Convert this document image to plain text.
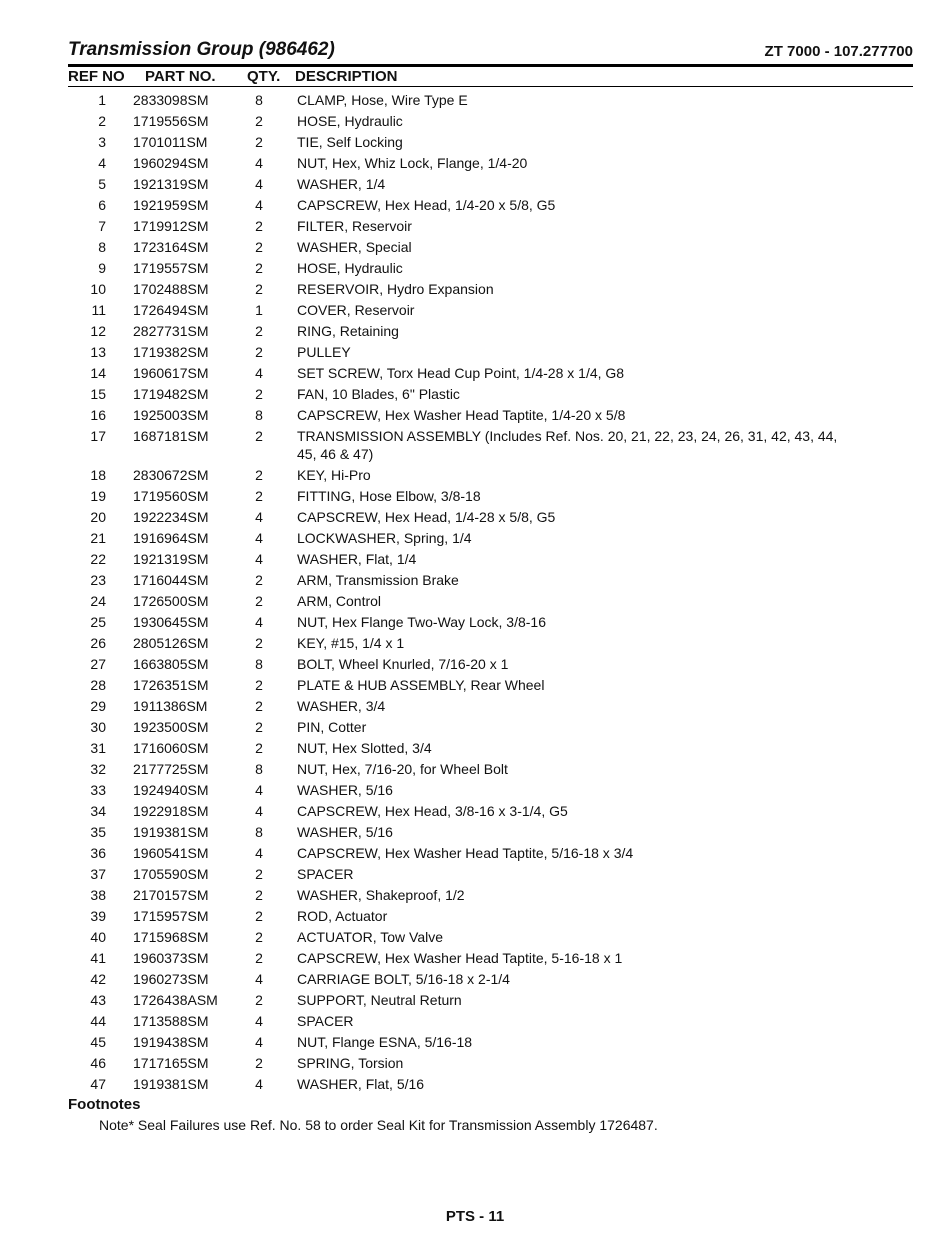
Transmission Group (986462)	ZT 7000 - 107.277700
REF NO PART NO. QTY. DESCRIPTION
1 2833098SM	8	CLAMP, Hose, Wire Type E
2 1719556SM	2	HOSE, Hydraulic
3 1701011SM	2	TIE, Self Locking
4 1960294SM	4	NUT, Hex, Whiz Lock, Flange, 1/4-20
5 1921319SM	4	WASHER, 1/4
6 1921959SM	4	CAPSCREW, Hex Head, 1/4-20 x 5/8, G5
7 1719912SM	2	FILTER, Reservoir
8 1723164SM	2	WASHER, Special
9 1719557SM	2	HOSE, Hydraulic
10 1702488SM	2	RESERVOIR, Hydro Expansion
11 1726494SM	1	COVER, Reservoir
12 2827731SM	2	RING, Retaining
13 1719382SM	2	PULLEY
14 1960617SM	4	SET SCREW, Torx Head Cup Point, 1/4-28 x 1/4, G8
15 1719482SM	2	FAN, 10 Blades, 6" Plastic
16 1925003SM	8	CAPSCREW, Hex Washer Head Taptite, 1/4-20 x 5/8
17 1687181SM	2	TRANSMISSION ASSEMBLY (Includes Ref. Nos. 20, 21, 22, 23, 24, 26, 31, 42, 43, 44, 45, 46 & 47)
18 2830672SM	2	KEY, Hi-Pro
19 1719560SM	2	FITTING, Hose Elbow, 3/8-18
20 1922234SM	4	CAPSCREW, Hex Head, 1/4-28 x 5/8, G5
21 1916964SM	4	LOCKWASHER, Spring, 1/4
22 1921319SM	4	WASHER, Flat, 1/4
23 1716044SM	2	ARM, Transmission Brake
24 1726500SM	2	ARM, Control
25 1930645SM	4	NUT, Hex Flange Two-Way Lock, 3/8-16
26 2805126SM	2	KEY, #15, 1/4 x 1
27 1663805SM	8	BOLT, Wheel Knurled, 7/16-20 x 1
28 1726351SM	2	PLATE & HUB ASSEMBLY, Rear Wheel
29 1911386SM	2	WASHER, 3/4
30 1923500SM	2	PIN, Cotter
31 1716060SM	2	NUT, Hex Slotted, 3/4
32 2177725SM	8	NUT, Hex, 7/16-20, for Wheel Bolt
33 1924940SM	4	WASHER, 5/16
34 1922918SM	4	CAPSCREW, Hex Head, 3/8-16 x 3-1/4, G5
35 1919381SM	8	WASHER, 5/16
36 1960541SM	4	CAPSCREW, Hex Washer Head Taptite, 5/16-18 x 3/4
37 1705590SM	2	SPACER
38 2170157SM	2	WASHER, Shakeproof, 1/2
39 1715957SM	2	ROD, Actuator
40 1715968SM	2	ACTUATOR, Tow Valve
41 1960373SM	2	CAPSCREW, Hex Washer Head Taptite, 5-16-18 x 1
42 1960273SM	4	CARRIAGE BOLT, 5/16-18 x 2-1/4
43 1726438ASM	2	SUPPORT, Neutral Return
44 1713588SM	4	SPACER
45 1919438SM	4	NUT, Flange ESNA, 5/16-18
46 1717165SM	2	SPRING, Torsion
47 1919381SM	4	WASHER, Flat, 5/16
Footnotes
Note* Seal Failures use Ref. No. 58 to order Seal Kit for Transmission Assembly 1726487.
PTS - 11
